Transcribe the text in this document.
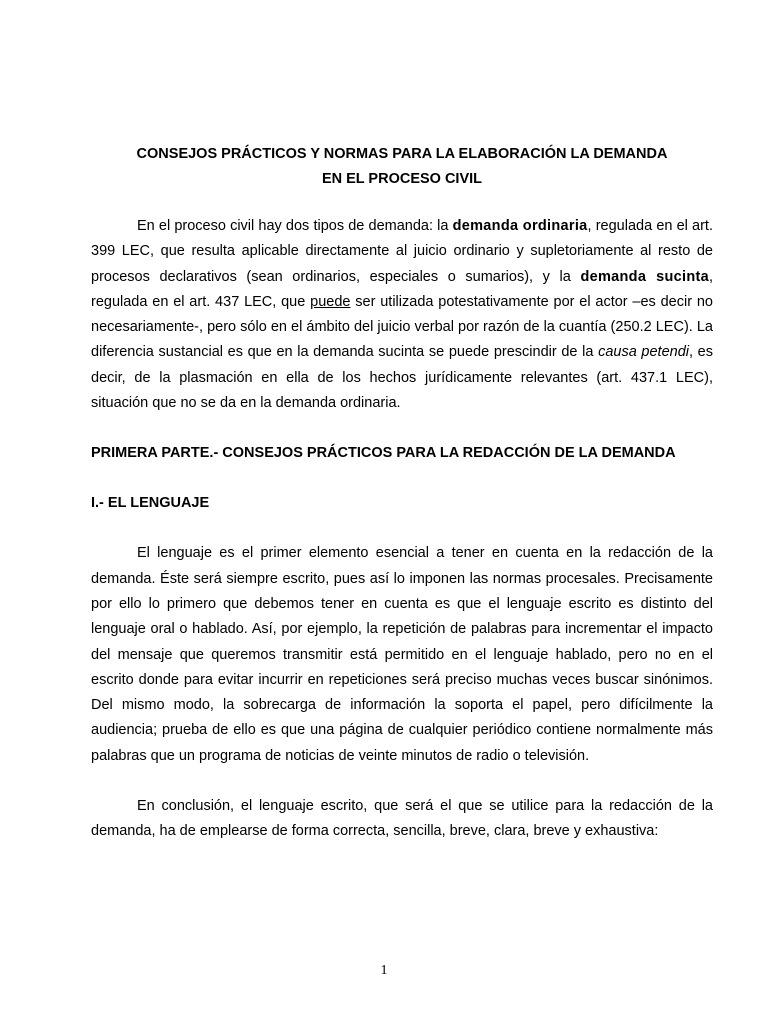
CONSEJOS PRÁCTICOS Y NORMAS PARA LA ELABORACIÓN LA DEMANDA
EN EL PROCESO CIVIL

En el proceso civil hay dos tipos de demanda: la demanda ordinaria, regulada en el art. 399 LEC, que resulta aplicable directamente al juicio ordinario y supletoriamente al resto de procesos declarativos (sean ordinarios, especiales o sumarios), y la demanda sucinta, regulada en el art. 437 LEC, que puede ser utilizada potestativamente por el actor –es decir no necesariamente-, pero sólo en el ámbito del juicio verbal por razón de la cuantía (250.2 LEC). La diferencia sustancial es que en la demanda sucinta se puede prescindir de la causa petendi, es decir, de la plasmación en ella de los hechos jurídicamente relevantes (art. 437.1 LEC), situación que no se da en la demanda ordinaria.

PRIMERA PARTE.- CONSEJOS PRÁCTICOS PARA LA REDACCIÓN DE LA DEMANDA
I.- EL LENGUAJE

El lenguaje es el primer elemento esencial a tener en cuenta en la redacción de la demanda. Éste será siempre escrito, pues así lo imponen las normas procesales. Precisamente por ello lo primero que debemos tener en cuenta es que el lenguaje escrito es distinto del lenguaje oral o hablado. Así, por ejemplo, la repetición de palabras para incrementar el impacto del mensaje que queremos transmitir está permitido en el lenguaje hablado, pero no en el escrito donde para evitar incurrir en repeticiones será preciso muchas veces buscar sinónimos. Del mismo modo, la sobrecarga de información la soporta el papel, pero difícilmente la audiencia; prueba de ello es que una página de cualquier periódico contiene normalmente más palabras que un programa de noticias de veinte minutos de radio o televisión.

En conclusión, el lenguaje escrito, que será el que se utilice para la redacción de la demanda, ha de emplearse de forma correcta, sencilla, breve, clara, breve y exhaustiva:

1
